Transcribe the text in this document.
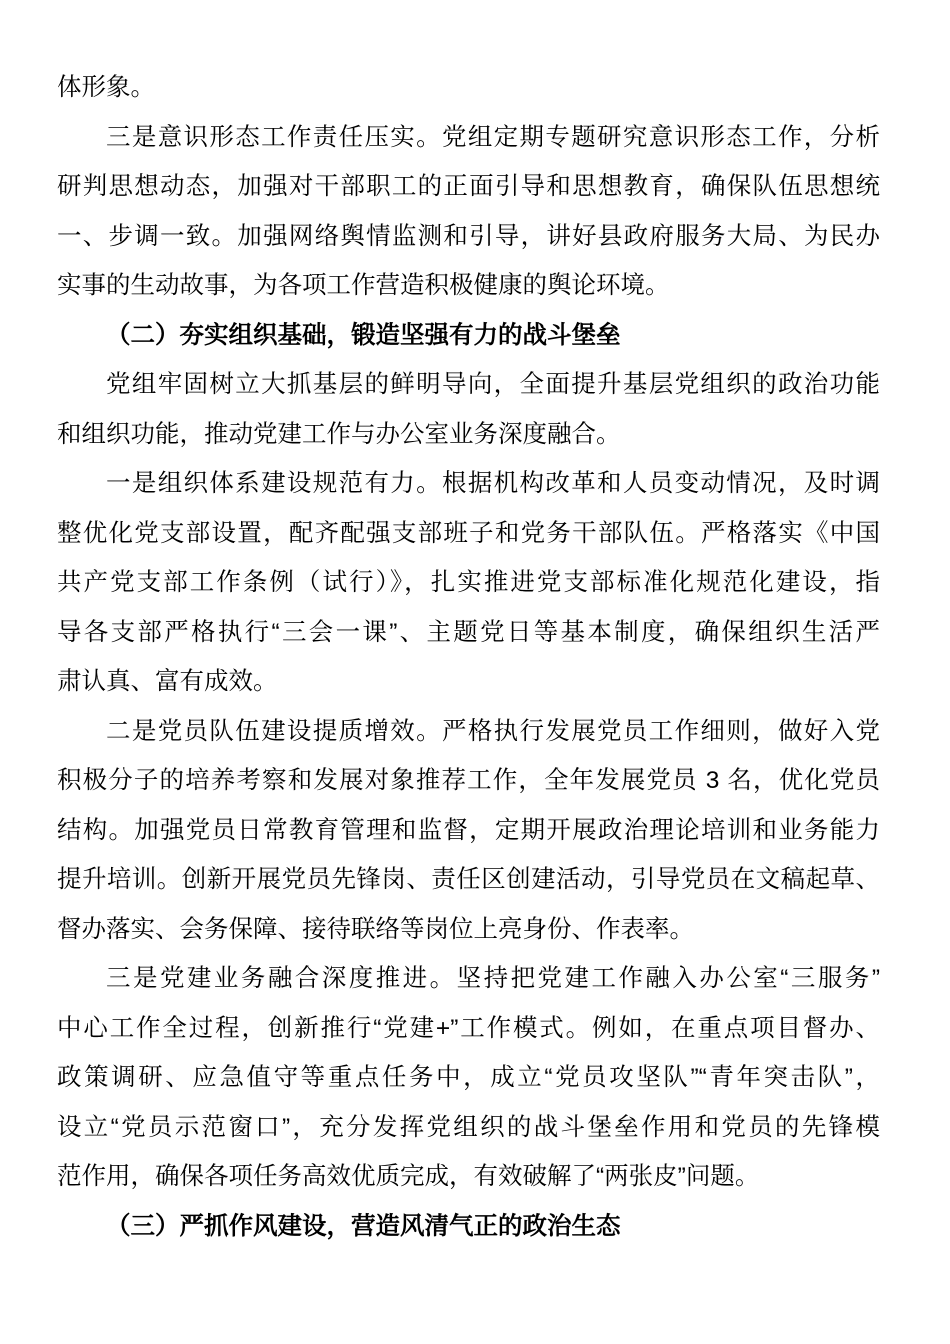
体形象。
三是意识形态工作责任压实。党组定期专题研究意识形态工作，分析
研判思想动态，加强对干部职工的正面引导和思想教育，确保队伍思想统
一、步调一致。加强网络舆情监测和引导，讲好县政府服务大局、为民办
实事的生动故事，为各项工作营造积极健康的舆论环境。
（二）夯实组织基础，锻造坚强有力的战斗堡垒
党组牢固树立大抓基层的鲜明导向，全面提升基层党组织的政治功能
和组织功能，推动党建工作与办公室业务深度融合。
一是组织体系建设规范有力。根据机构改革和人员变动情况，及时调
整优化党支部设置，配齐配强支部班子和党务干部队伍。严格落实《中国
共产党支部工作条例（试行）》，扎实推进党支部标准化规范化建设，指
导各支部严格执行“三会一课”、主题党日等基本制度，确保组织生活严
肃认真、富有成效。
二是党员队伍建设提质增效。严格执行发展党员工作细则，做好入党
积极分子的培养考察和发展对象推荐工作，全年发展党员 3 名，优化党员
结构。加强党员日常教育管理和监督，定期开展政治理论培训和业务能力
提升培训。创新开展党员先锋岗、责任区创建活动，引导党员在文稿起草、
督办落实、会务保障、接待联络等岗位上亮身份、作表率。
三是党建业务融合深度推进。坚持把党建工作融入办公室“三服务”
中心工作全过程，创新推行“党建+”工作模式。例如，在重点项目督办、
政策调研、应急值守等重点任务中，成立“党员攻坚队”“青年突击队”，
设立“党员示范窗口”，充分发挥党组织的战斗堡垒作用和党员的先锋模
范作用，确保各项任务高效优质完成，有效破解了“两张皮”问题。
（三）严抓作风建设，营造风清气正的政治生态
